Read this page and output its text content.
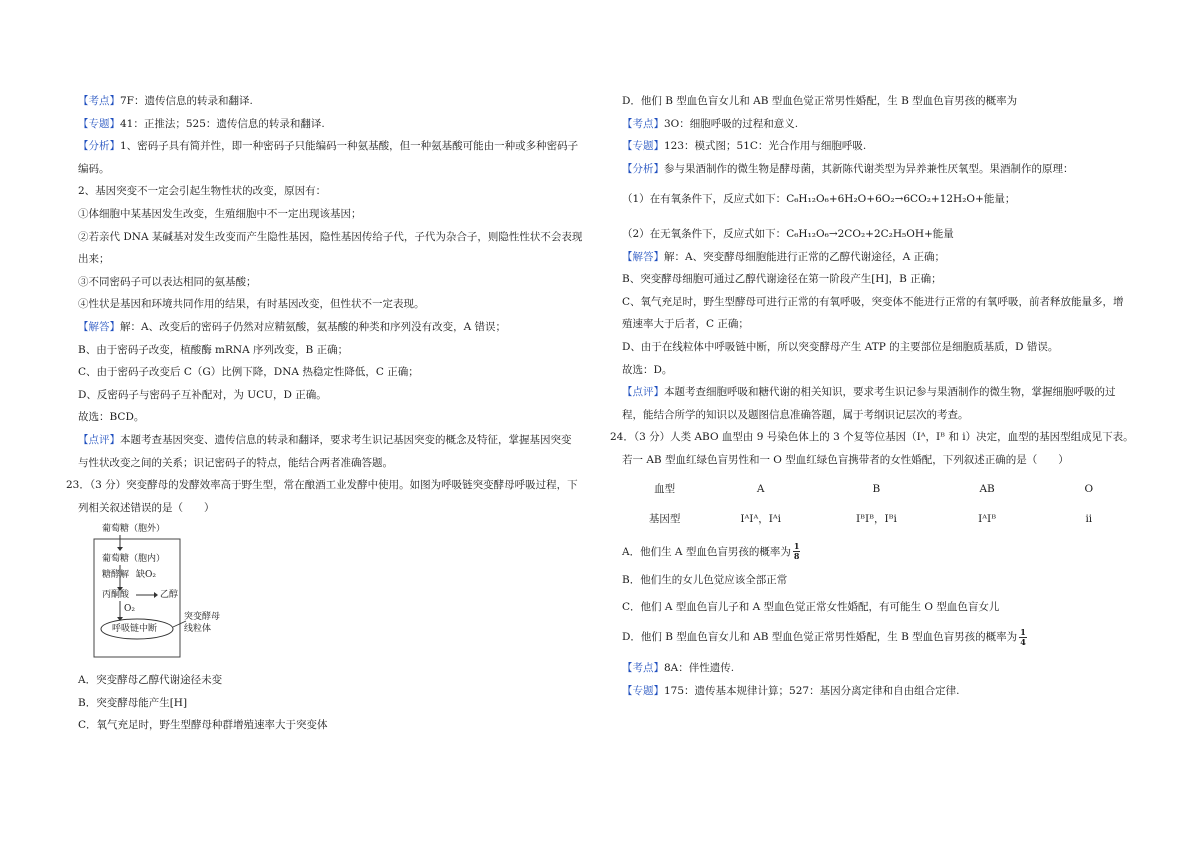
【考点】7F：遗传信息的转录和翻译.

【专题】41：正推法；525：遗传信息的转录和翻译.

【分析】1、密码子具有简并性，即一种密码子只能编码一种氨基酸，但一种氨基酸可能由一种或多种密码子

编码。

2、基因突变不一定会引起生物性状的改变，原因有：

①体细胞中某基因发生改变，生殖细胞中不一定出现该基因；

②若亲代 DNA 某碱基对发生改变而产生隐性基因，隐性基因传给子代，子代为杂合子，则隐性性状不会表现

出来；

③不同密码子可以表达相同的氨基酸；

④性状是基因和环境共同作用的结果，有时基因改变，但性状不一定表现。

【解答】解：A、改变后的密码子仍然对应精氨酸，氨基酸的种类和序列没有改变，A 错误；

B、由于密码子改变，植酸酶 mRNA 序列改变，B 正确；

C、由于密码子改变后 C（G）比例下降，DNA 热稳定性降低，C 正确；

D、反密码子与密码子互补配对，为 UCU，D 正确。

故选：BCD。

【点评】本题考查基因突变、遗传信息的转录和翻译，要求考生识记基因突变的概念及特征，掌握基因突变

与性状改变之间的关系；识记密码子的特点，能结合两者准确答题。

23．（3 分）突变酵母的发酵效率高于野生型，常在酿酒工业发酵中使用。如图为呼吸链突变酵母呼吸过程，下

列相关叙述错误的是（　　）

葡萄糖（胞外）
葡萄糖（胞内）
糖酵解 缺O₂
丙酮酸	乙醇
O₂
呼吸链中断
突变酵母
线粒体

A．突变酵母乙醇代谢途径未变

B．突变酵母能产生[H]

C．氧气充足时，野生型酵母种群增殖速率大于突变体

D．他们 B 型血色盲女儿和 AB 型血色觉正常男性婚配，生 B 型血色盲男孩的概率为

【考点】3O：细胞呼吸的过程和意义.

【专题】123：模式图；51C：光合作用与细胞呼吸.

【分析】参与果酒制作的微生物是酵母菌，其新陈代谢类型为异养兼性厌氧型。果酒制作的原理：

（1）在有氧条件下，反应式如下：C₆H₁₂O₆+6H₂O+6O₂→6CO₂+12H₂O+能量；

（2）在无氧条件下，反应式如下：C₆H₁₂O₆→2CO₂+2C₂H₅OH+能量

【解答】解：A、突变酵母细胞能进行正常的乙醇代谢途径，A 正确；

B、突变酵母细胞可通过乙醇代谢途径在第一阶段产生[H]，B 正确；

C、氧气充足时，野生型酵母可进行正常的有氧呼吸，突变体不能进行正常的有氧呼吸，前者释放能量多，增

殖速率大于后者，C 正确；

D、由于在线粒体中呼吸链中断，所以突变酵母产生 ATP 的主要部位是细胞质基质，D 错误。

故选：D。

【点评】本题考查细胞呼吸和糖代谢的相关知识，要求考生识记参与果酒制作的微生物，掌握细胞呼吸的过

程，能结合所学的知识以及题图信息准确答题，属于考纲识记层次的考查。

24．（3 分）人类 ABO 血型由 9 号染色体上的 3 个复等位基因（Iᴬ，Iᴮ 和 i）决定，血型的基因型组成见下表。

若一 AB 型血红绿色盲男性和一 O 型血红绿色盲携带者的女性婚配，下列叙述正确的是（　　）

血型	A	B	AB	O
基因型	IᴬIᴬ，Iᴬi	IᴮIᴮ，Iᴮi	IᴬIᴮ	ii

A．他们生 A 型血色盲男孩的概率为 $\frac{1}{8}$

B．他们生的女儿色觉应该全部正常

C．他们 A 型血色盲儿子和 A 型血色觉正常女性婚配，有可能生 O 型血色盲女儿

D．他们 B 型血色盲女儿和 AB 型血色觉正常男性婚配，生 B 型血色盲男孩的概率为 $\frac{1}{4}$

【考点】8A：伴性遗传.

【专题】175：遗传基本规律计算；527：基因分离定律和自由组合定律.
